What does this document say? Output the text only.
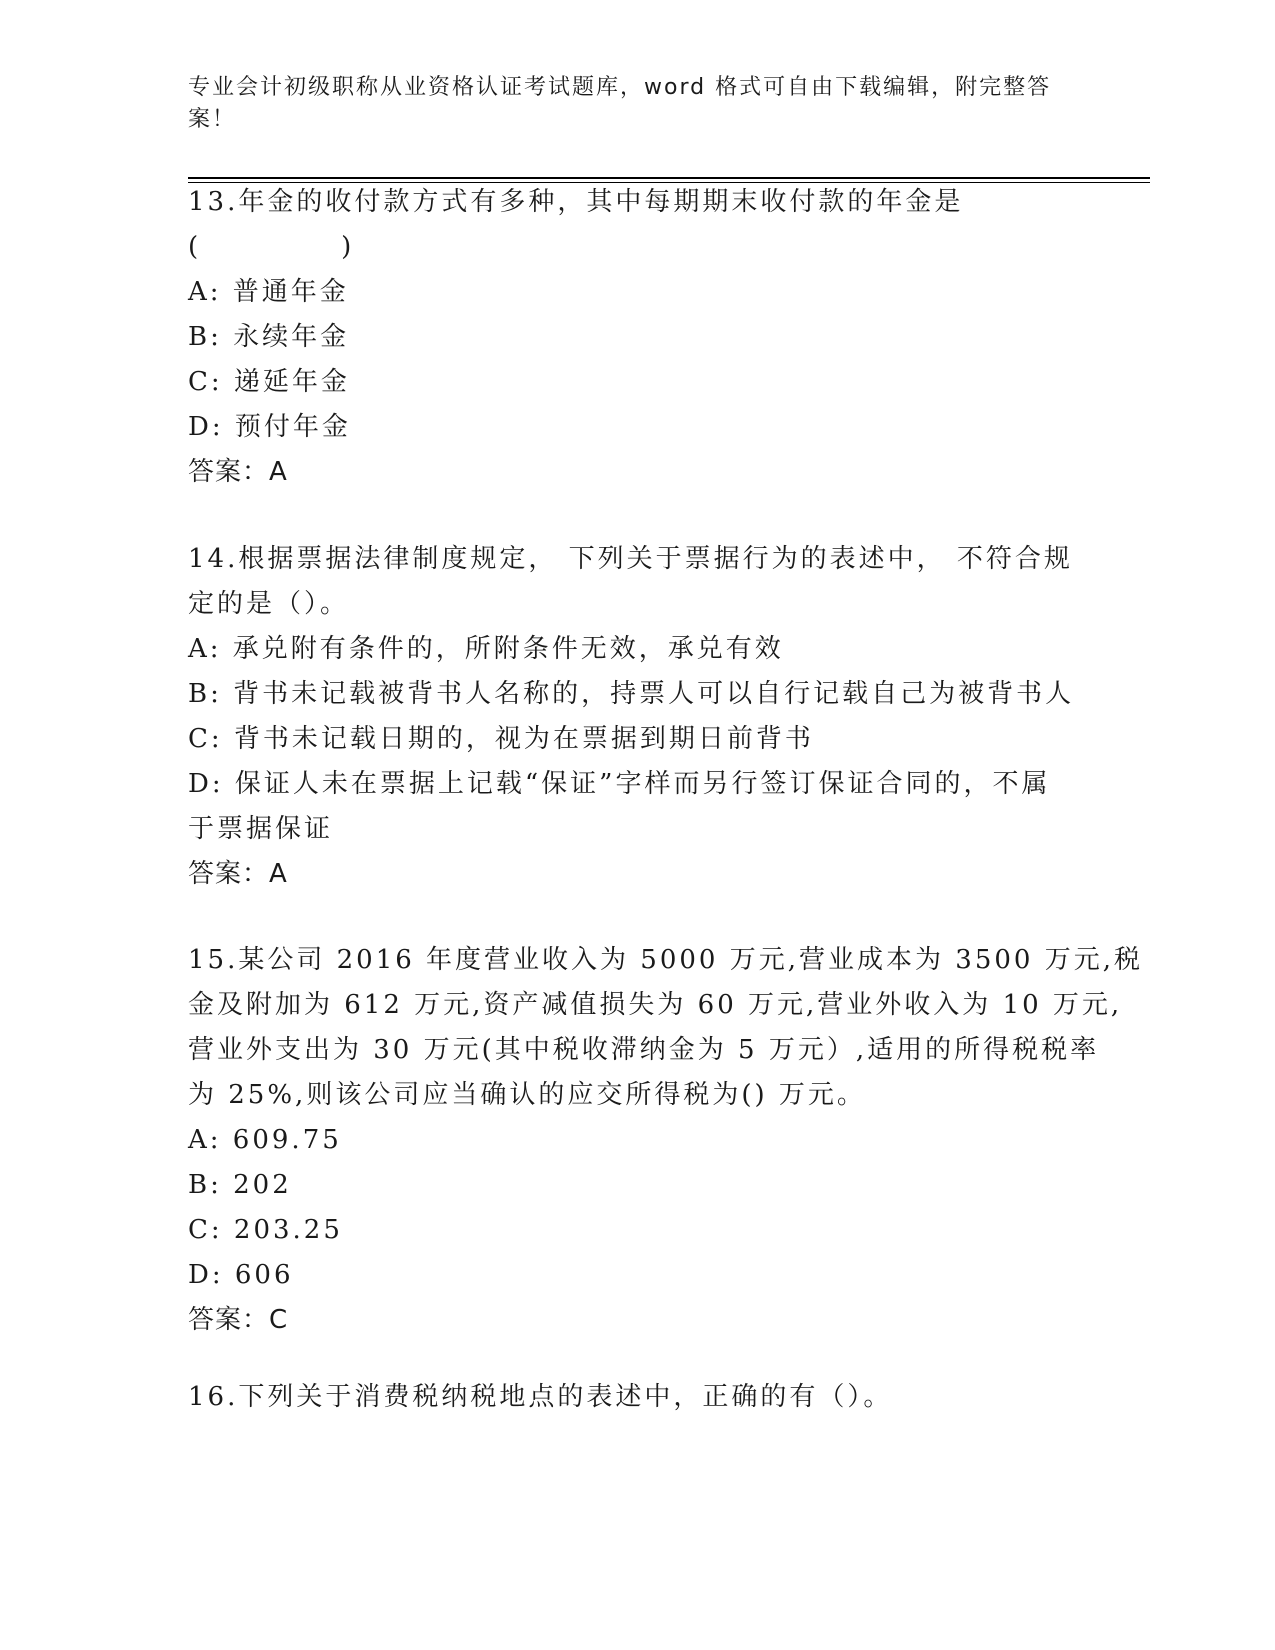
专业会计初级职称从业资格认证考试题库，word 格式可自由下载编辑，附完整答案！
13.年金的收付款方式有多种，其中每期期末收付款的年金是
(	)
A: 普通年金
B: 永续年金
C: 递延年金
D: 预付年金
答案：A
14.根据票据法律制度规定， 下列关于票据行为的表述中， 不符合规
定的是（）。
A: 承兑附有条件的，所附条件无效，承兑有效
B: 背书未记载被背书人名称的，持票人可以自行记载自己为被背书人
C: 背书未记载日期的，视为在票据到期日前背书
D: 保证人未在票据上记载“保证”字样而另行签订保证合同的，不属
于票据保证
答案：A
15.某公司 2016 年度营业收入为 5000 万元,营业成本为 3500 万元,税
金及附加为 612 万元,资产减值损失为 60 万元,营业外收入为 10 万元,
营业外支出为 30 万元(其中税收滞纳金为 5 万元）,适用的所得税税率
为 25%,则该公司应当确认的应交所得税为() 万元。
A: 609.75
B: 202
C: 203.25
D: 606
答案：C
16.下列关于消费税纳税地点的表述中，正确的有（）。
